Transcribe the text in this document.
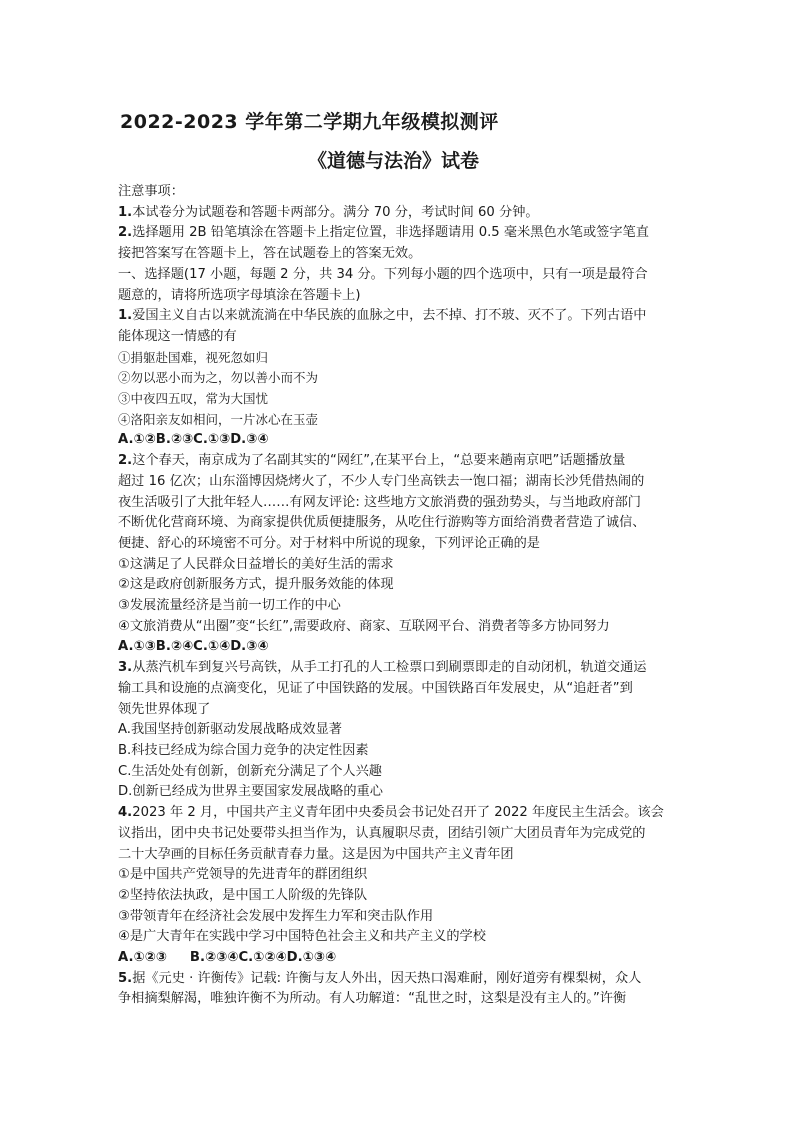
2022-2023 学年第二学期九年级模拟测评
《道德与法治》试卷
注意事项：
1.本试卷分为试题卷和答题卡两部分。满分 70 分，考试时间 60 分钟。
2.选择题用 2B 铅笔填涂在答题卡上指定位置，非选择题请用 0.5 毫米黑色水笔或签字笔直
接把答案写在答题卡上，答在试题卷上的答案无效。
一、选择题(17 小题，每题 2 分，共 34 分。下列每小题的四个选项中，只有一项是最符合
题意的，请将所选项字母填涂在答题卡上)
1.爱国主义自古以来就流淌在中华民族的血脉之中，去不掉、打不玻、灭不了。下列古语中
能体现这一情感的有
①捐躯赴国难，视死忽如归
②勿以恶小而为之，勿以善小而不为
③中夜四五叹，常为大国忧
④洛阳亲友如相问，一片冰心在玉壶
A.①②B.②③C.①③D.③④
2.这个春天，南京成为了名副其实的“网红”,在某平台上，“总要来趟南京吧”话题播放量
超过 16 亿次；山东淄博因烧烤火了，不少人专门坐高铁去一饱口福；湖南长沙凭借热闹的
夜生活吸引了大批年轻人……有网友评论: 这些地方文旅消费的强劲势头，与当地政府部门
不断优化营商环境、为商家提供优质便捷服务，从吃住行游购等方面给消费者营造了诚信、
便捷、舒心的环境密不可分。对于材料中所说的现象，下列评论正确的是
①这满足了人民群众日益增长的美好生活的需求
②这是政府创新服务方式，提升服务效能的体现
③发展流量经济是当前一切工作的中心
④文旅消费从“出圈”变“长红”,需要政府、商家、互联网平台、消费者等多方协同努力
A.①③B.②④C.①④D.③④
3.从蒸汽机车到复兴号高铁，从手工打孔的人工检票口到刷票即走的自动闭机，轨道交通运
输工具和设施的点滴变化，见证了中国铁路的发展。中国铁路百年发展史，从“追赶者”到
领先世界体现了
A.我国坚持创新驱动发展战略成效显著
B.科技已经成为综合国力竞争的决定性因素
C.生活处处有创新，创新充分满足了个人兴趣
D.创新已经成为世界主要国家发展战略的重心
4.2023 年 2 月，中国共产主义青年团中央委员会书记处召开了 2022 年度民主生活会。该会
议指出，团中央书记处要带头担当作为，认真履职尽责，团结引领广大团员青年为完成党的
二十大孕画的目标任务贡献青春力量。这是因为中国共产主义青年团
①是中国共产党领导的先进青年的群团组织
②坚持依法执政，是中国工人阶级的先锋队
③带领青年在经济社会发展中发挥生力军和突击队作用
④是广大青年在实践中学习中国特色社会主义和共产主义的学校
A.①②③     B.②③④C.①②④D.①③④
5.据《元史 · 许衡传》记载: 许衡与友人外出，因天热口渴难耐，刚好道旁有棵梨树，众人
争相摘梨解渴，唯独许衡不为所动。有人功解道：“乱世之时，这梨是没有主人的。”许衡
